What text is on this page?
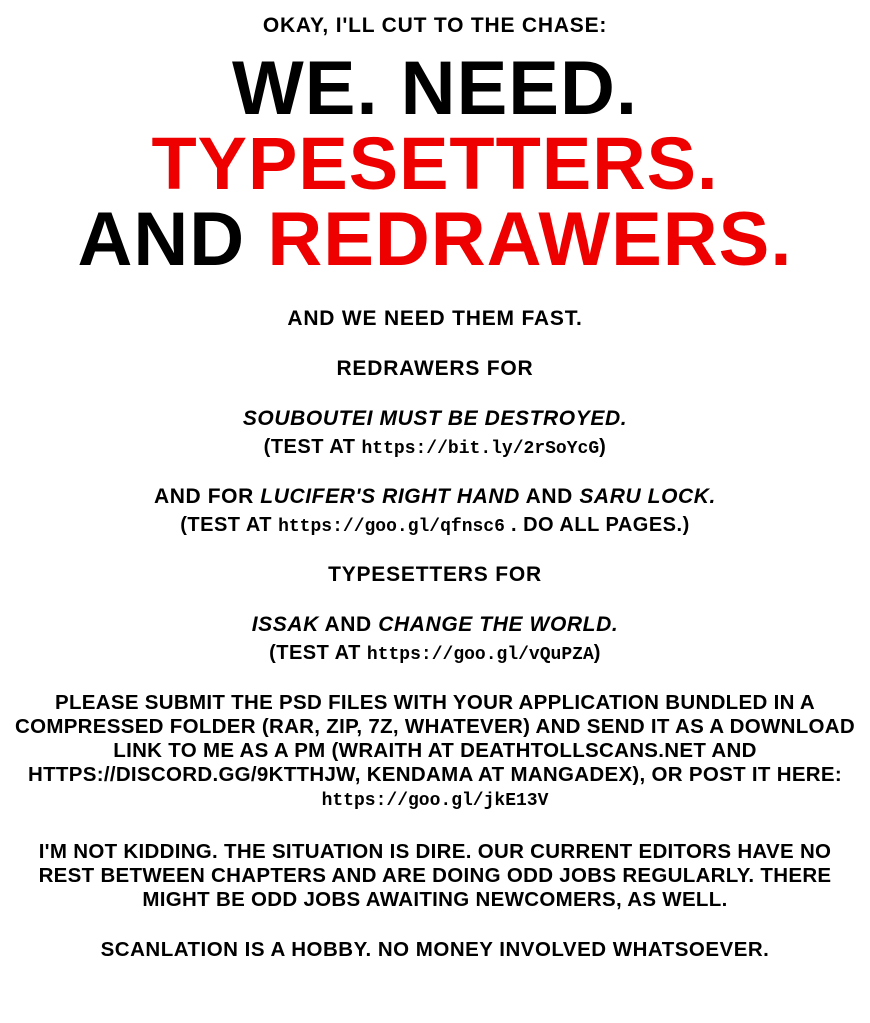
OKAY, I'LL CUT TO THE CHASE:
WE. NEED.
TYPESETTERS.
AND REDRAWERS.
AND WE NEED THEM FAST.
REDRAWERS FOR
SOUBOUTEI MUST BE DESTROYED.
(TEST AT https://bit.ly/2rSoYcG)
AND FOR LUCIFER'S RIGHT HAND AND SARU LOCK.
(TEST AT https://goo.gl/qfnsc6 . DO ALL PAGES.)
TYPESETTERS FOR
ISSAK AND CHANGE THE WORLD.
(TEST AT https://goo.gl/vQuPZA)
PLEASE SUBMIT THE PSD FILES WITH YOUR APPLICATION BUNDLED IN A COMPRESSED FOLDER (RAR, ZIP, 7Z, WHATEVER) AND SEND IT AS A DOWNLOAD LINK TO ME AS A PM (WRAITH AT DEATHTOLLSCANS.NET AND HTTPS://DISCORD.GG/9KTTHJW, KENDAMA AT MANGADEX), OR POST IT HERE: https://goo.gl/jkE13V
I'M NOT KIDDING. THE SITUATION IS DIRE. OUR CURRENT EDITORS HAVE NO REST BETWEEN CHAPTERS AND ARE DOING ODD JOBS REGULARLY. THERE MIGHT BE ODD JOBS AWAITING NEWCOMERS, AS WELL.
SCANLATION IS A HOBBY. NO MONEY INVOLVED WHATSOEVER.
